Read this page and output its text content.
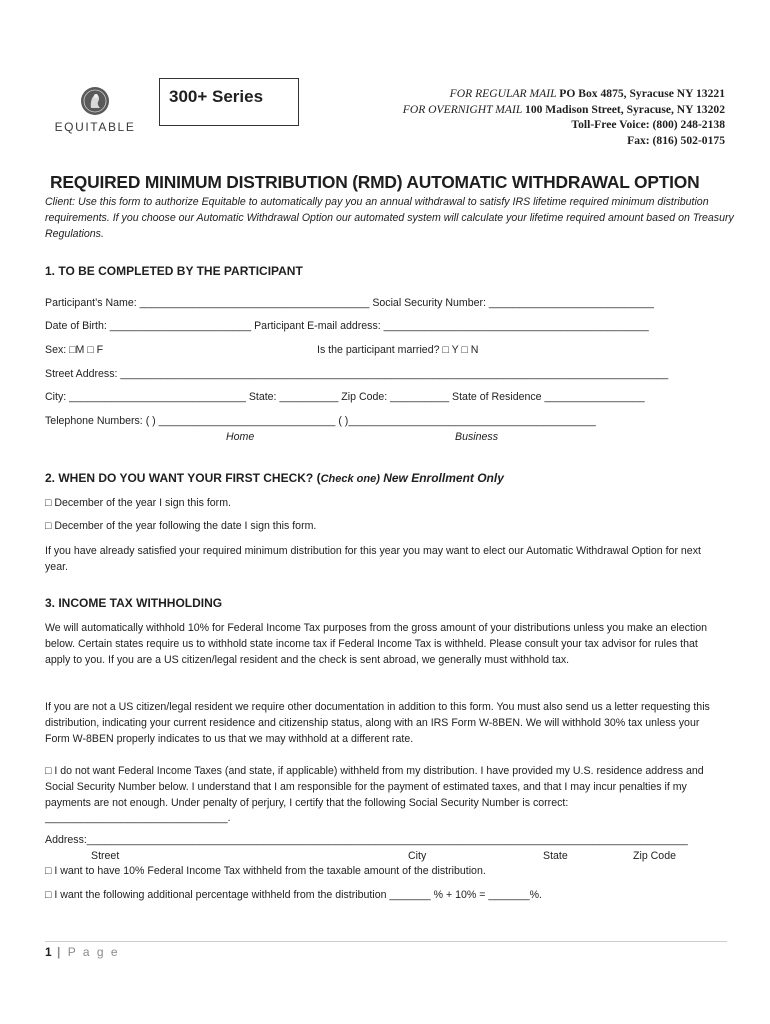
EQUITABLE
300+ Series	FOR REGULAR MAIL PO Box 4875, Syracuse NY 13221
FOR OVERNIGHT MAIL 100 Madison Street, Syracuse, NY 13202
Toll-Free Voice: (800) 248-2138
Fax: (816) 502-0175
REQUIRED MINIMUM DISTRIBUTION (RMD) AUTOMATIC WITHDRAWAL OPTION
Client: Use this form to authorize Equitable to automatically pay you an annual withdrawal to satisfy IRS lifetime required minimum distribution requirements. If you choose our Automatic Withdrawal Option our automated system will calculate your lifetime required amount based on Treasury Regulations.
1. TO BE COMPLETED BY THE PARTICIPANT
Participant’s Name: _______________________________________ Social Security Number: ____________________________
Date of Birth: ________________________ Participant E-mail address: _____________________________________________
Sex: □M □ F	Is the participant married? □ Y □ N
Street Address: _____________________________________________________________________________________________
City: ______________________________ State: __________ Zip Code: __________ State of Residence _________________
Telephone Numbers: ( ) ______________________________ ( )__________________________________________
Home	Business
2. WHEN DO YOU WANT YOUR FIRST CHECK? (Check one) New Enrollment Only
□ December of the year I sign this form.
□ December of the year following the date I sign this form.
If you have already satisfied your required minimum distribution for this year you may want to elect our Automatic Withdrawal Option for next year.
3. INCOME TAX WITHHOLDING
We will automatically withhold 10% for Federal Income Tax purposes from the gross amount of your distributions unless you make an election below. Certain states require us to withhold state income tax if Federal Income Tax is withheld. Please consult your tax advisor for rules that apply to you. If you are a US citizen/legal resident and the check is sent abroad, we generally must withhold tax.
If you are not a US citizen/legal resident we require other documentation in addition to this form. You must also send us a letter requesting this distribution, indicating your current residence and citizenship status, along with an IRS Form W-8BEN. We will withhold 30% tax unless your Form W-8BEN properly indicates to us that we may withhold at a different rate.
□ I do not want Federal Income Taxes (and state, if applicable) withheld from my distribution. I have provided my U.S. residence address and Social Security Number below. I understand that I am responsible for the payment of estimated taxes, and that I may incur penalties if my payments are not enough. Under penalty of perjury, I certify that the following Social Security Number is correct: _______________________________.
Address:______________________________________________________________________________________________________
Street	City	State	Zip Code
□ I want to have 10% Federal Income Tax withheld from the taxable amount of the distribution.
□ I want the following additional percentage withheld from the distribution _______ % + 10% = _______%.
1 | P a g e
